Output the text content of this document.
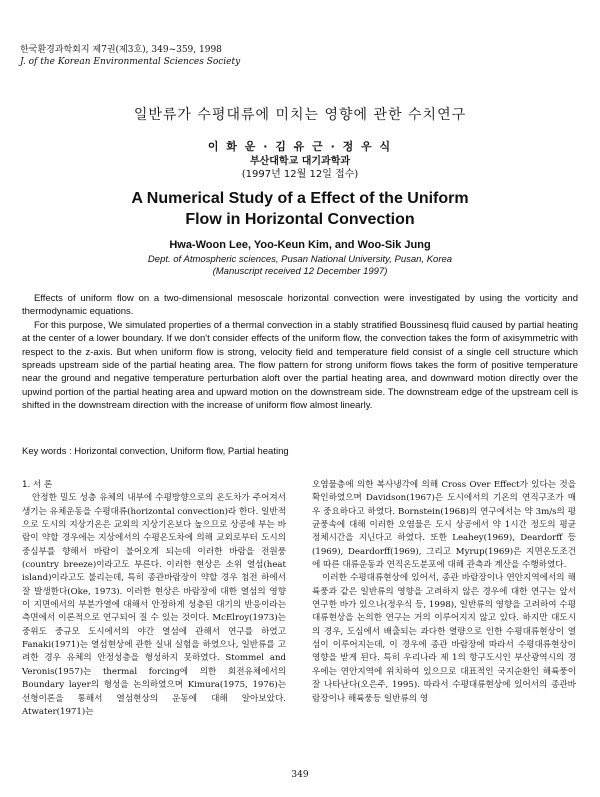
한국환경과학회지 제7권(제3호), 349~359, 1998
J. of the Korean Environmental Sciences Society
일반류가 수평대류에 미치는 영향에 관한 수치연구
이 화 운 · 김 유 근 · 정 우 식
부산대학교 대기과학과
(1997년 12월 12일 접수)
A Numerical Study of a Effect of the Uniform
Flow in Horizontal Convection
Hwa-Woon Lee, Yoo-Keun Kim, and Woo-Sik Jung
Dept. of Atmospheric sciences, Pusan National University, Pusan, Korea
(Manuscript received 12 December 1997)

Effects of uniform flow on a two-dimensional mesoscale horizontal convection were investigated by using the vorticity and thermodynamic equations.

For this purpose, We simulated properties of a thermal convection in a stably stratified Boussinesq fluid caused by partial heating at the center of a lower boundary. If we don't consider effects of the uniform flow, the convection takes the form of axisymmetric with respect to the z-axis. But when uniform flow is strong, velocity field and temperature field consist of a single cell structure which spreads upstream side of the partial heating area. The flow pattern for strong uniform flows takes the form of positive temperature near the ground and negative temperature perturbation aloft over the partial heating area, and downward motion directly over the upwind portion of the partial heating area and upward motion on the downstream side. The downstream edge of the upstream cell is shifted in the downstream direction with the increase of uniform flow almost linearly.

Key words : Horizontal convection, Uniform flow, Partial heating

1. 서 론

안정한 밀도 성층 유체의 내부에 수평방향으로의 온도차가 주어져서 생기는 유체운동을 수평대류(horizontal convection)라 한다. 일반적으로 도시의 지상기온은 교외의 지상기온보다 높으므로 상공에 부는 바람이 약할 경우에는 지상에서의 수평온도차에 의해 교외로부터 도시의 중심부를 향해서 바람이 불어오게 되는데 이러한 바람을 전원풍(country breeze)이라고도 부른다. 이러한 현상은 소위 열섬(heat island)이라고도 불리는데, 특히 종관바람장이 약할 경우 첨전 하에서 잘 발생한다(Oke, 1973). 이러한 현상은 바람장에 대한 열섬의 영향이 지면에서의 부분가열에 대해서 안정하게 성층된 대기의 반응이라는 측면에서 이론적으로 연구되어 질 수 있는 것이다. McElroy(1973)는 중위도 중규모 도시에서의 야간 열섬에 관해서 연구를 하였고 Fanaki(1971)는 열섬현상에 관한 실내 실험을 하였으나, 일반류를 고려한 경우 유체의 안정성층을 형성하지 못하였다. Stommel and Veronis(1957)는 thermal forcing에 의한 회전유체에서의 Boundary layer의 형성을 논의하였으며 Kimura(1975, 1976)는 선형이론을 통해서 열섬현상의 운동에 대해 알아보았다. Atwater(1971)는

오염물층에 의한 복사냉각에 의해 Cross Over Effect가 있다는 것을 확인하였으며 Davidson(1967)은 도시에서의 기온의 연직구조가 매우 중요하다고 하였다. Bornstein(1968)의 연구에서는 약 3m/s의 평균풍속에 대해 이러한 오염물은 도시 상공에서 약 1시간 정도의 평균 정체시간을 지닌다고 하였다. 또한 Leahey(1969), Deardorff 등(1969), Deardorff(1969), 그리고 Myrup(1969)은 지면온도조건에 따른 대류운동과 연직온도분포에 대해 관측과 계산을 수행하였다.

이러한 수평대류현상에 있어서, 종관 바람장이나 연안지역에서의 해륙풍과 같은 일반류의 영향을 고려하지 않은 경우에 대한 연구는 앞서 연구한 바가 있으나(정우식 등, 1998), 일반류의 영향을 고려하여 수평대류현상을 논의한 연구는 거의 이루어지지 않고 있다. 하지만 대도시의 경우, 도심에서 배출되는 과다한 열량으로 인한 수평대류현상이 열섬이 이루어지는데, 이 경우에 종관 바람장에 따라서 수평대류현상이 영향을 받게 된다. 특히 우리나라 제 1의 항구도시인 부산광역시의 경우에는 연안지역에 위치하여 있으므로 대표적인 국지순환인 해륙풍이 잘 나타난다(오은주, 1995). 따라서 수평대류현상에 있어서의 종관바람장이나 해륙풍등 일반류의 영

349
